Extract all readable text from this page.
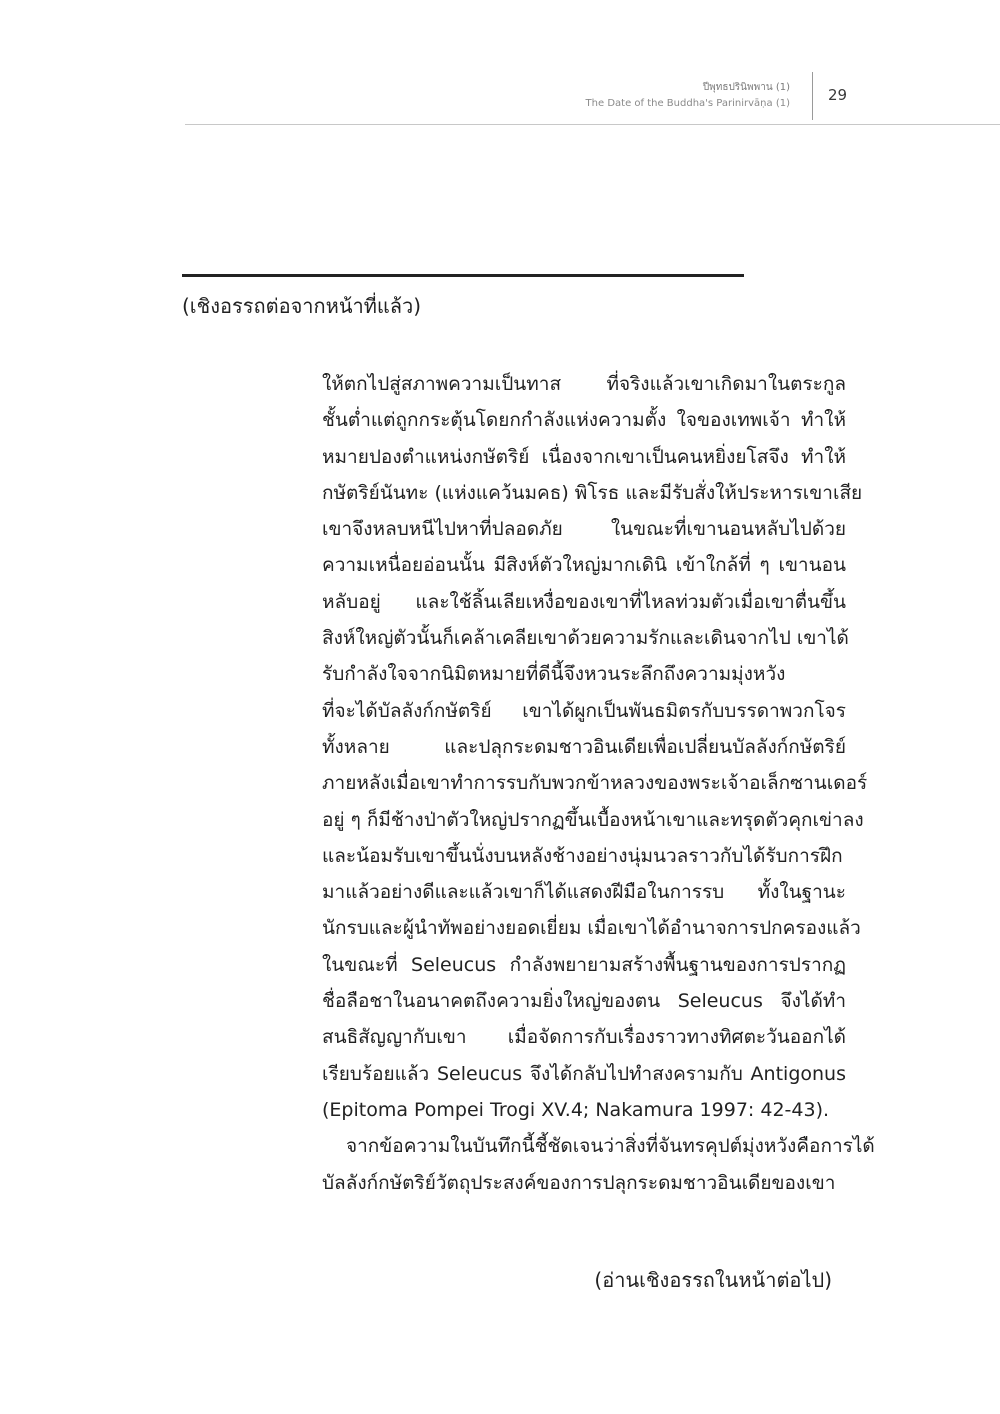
ปีพุทธปรินิพพาน (1)
The Date of the Buddha's Parinirvāṇa (1)	29
(เชิงอรรถต่อจากหน้าที่แล้ว)
ให้ตกไปสู่สภาพความเป็นทาส ที่จริงแล้วเขาเกิดมาในตระกูล
ชั้นต่ำแต่ถูกกระตุ้นโดยกกำลังแห่งความตั้ง ใจของเทพเจ้า ทำให้
หมายปองตำแหน่งกษัตริย์ เนื่องจากเขาเป็นคนหยิ่งยโสจึง ทำให้
กษัตริย์นันทะ (แห่งแคว้นมคธ) พิโรธ และมีรับสั่งให้ประหารเขาเสีย
เขาจึงหลบหนีไปหาที่ปลอดภัย ในขณะที่เขานอนหลับไปด้วย
ความเหนื่อยอ่อนนั้น มีสิงห์ตัวใหญ่มากเดินิ เข้าใกล้ที่ ๆ เขานอน
หลับอยู่ และใช้ลิ้นเลียเหงื่อของเขาที่ไหลท่วมตัวเมื่อเขาตื่นขึ้น
สิงห์ใหญ่ตัวนั้นก็เคล้าเคลียเขาด้วยความรักและเดินจากไป เขาได้
รับกำลังใจจากนิมิตหมายที่ดีนี้จึงหวนระลึกถึงความมุ่งหวัง
ที่จะได้บัลลังก์กษัตริย์ เขาได้ผูกเป็นพันธมิตรกับบรรดาพวกโจร
ทั้งหลาย และปลุกระดมชาวอินเดียเพื่อเปลี่ยนบัลลังก์กษัตริย์
ภายหลังเมื่อเขาทำการรบกับพวกข้าหลวงของพระเจ้าอเล็กซานเดอร์
อยู่ ๆ ก็มีช้างป่าตัวใหญ่ปรากฏขึ้นเบื้องหน้าเขาและทรุดตัวคุกเข่าลง
และน้อมรับเขาขึ้นนั่งบนหลังช้างอย่างนุ่มนวลราวกับได้รับการฝึก
มาแล้วอย่างดีและแล้วเขาก็ได้แสดงฝีมือในการรบ ทั้งในฐานะ
นักรบและผู้นำทัพอย่างยอดเยี่ยม เมื่อเขาได้อำนาจการปกครองแล้ว
ในขณะที่ Seleucus กำลังพยายามสร้างพื้นฐานของการปรากฏ
ชื่อลือชาในอนาคตถึงความยิ่งใหญ่ของตน Seleucus จึงได้ทำ
สนธิสัญญากับเขา เมื่อจัดการกับเรื่องราวทางทิศตะวันออกได้
เรียบร้อยแล้ว Seleucus จึงได้กลับไปทำสงครามกับ Antigonus
(Epitoma Pompei Trogi XV.4; Nakamura 1997: 42-43).
จากข้อความในบันทึกนี้ชี้ชัดเจนว่าสิ่งที่จันทรคุปต์มุ่งหวังคือการได้
บัลลังก์กษัตริย์วัตถุประสงค์ของการปลุกระดมชาวอินเดียของเขา
(อ่านเชิงอรรถในหน้าต่อไป)
